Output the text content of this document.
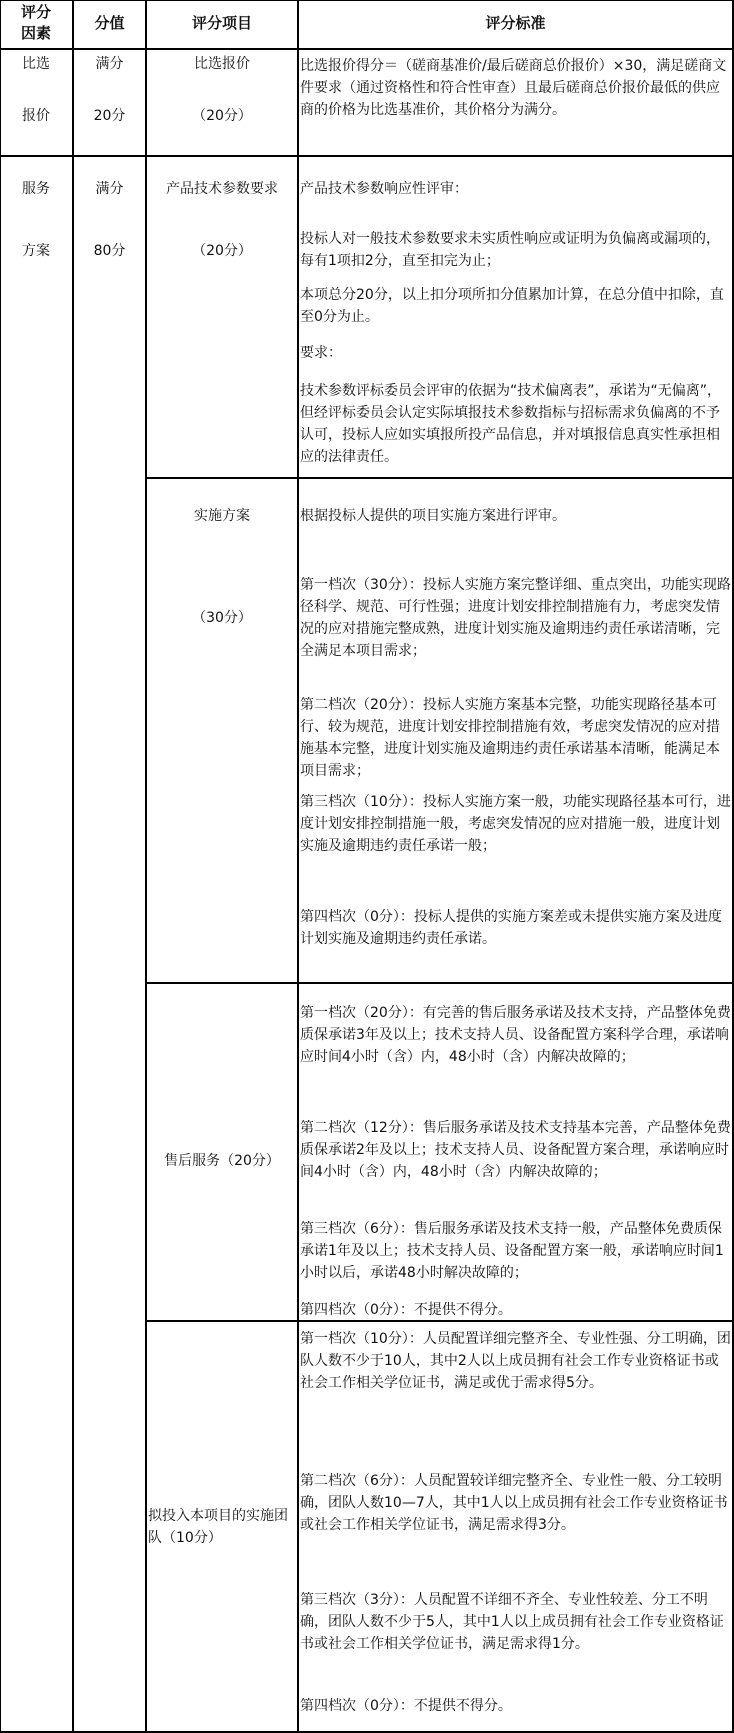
评分
因素
分值	评分项目	评分标准
比选
报价
满分
20分
比选报价
（20分）
比选报价得分＝（磋商基准价/最后磋商总价报价）×30，满足磋商文件要求（通过资格性和符合性审查）且最后磋商总价报价最低的供应商的价格为比选基准价，其价格分为满分。
服务
方案
满分
80分
产品技术参数要求
（20分）
产品技术参数响应性评审：
投标人对一般技术参数要求未实质性响应或证明为负偏离或漏项的，每有1项扣2分，直至扣完为止；
本项总分20分，以上扣分项所扣分值累加计算，在总分值中扣除，直至0分为止。
要求：
技术参数评标委员会评审的依据为“技术偏离表”，承诺为“无偏离”，但经评标委员会认定实际填报技术参数指标与招标需求负偏离的不予认可，投标人应如实填报所投产品信息，并对填报信息真实性承担相应的法律责任。
实施方案
（30分）
根据投标人提供的项目实施方案进行评审。
第一档次（30分）：投标人实施方案完整详细、重点突出，功能实现路径科学、规范、可行性强；进度计划安排控制措施有力，考虑突发情况的应对措施完整成熟，进度计划实施及逾期违约责任承诺清晰，完全满足本项目需求；
第二档次（20分）：投标人实施方案基本完整，功能实现路径基本可行、较为规范，进度计划安排控制措施有效，考虑突发情况的应对措施基本完整，进度计划实施及逾期违约责任承诺基本清晰，能满足本项目需求；
第三档次（10分）：投标人实施方案一般，功能实现路径基本可行，进度计划安排控制措施一般，考虑突发情况的应对措施一般，进度计划实施及逾期违约责任承诺一般；
第四档次（0分）：投标人提供的实施方案差或未提供实施方案及进度计划实施及逾期违约责任承诺。
售后服务（20分）
第一档次（20分）：有完善的售后服务承诺及技术支持，产品整体免费质保承诺3年及以上；技术支持人员、设备配置方案科学合理，承诺响应时间4小时（含）内，48小时（含）内解决故障的；
第二档次（12分）：售后服务承诺及技术支持基本完善，产品整体免费质保承诺2年及以上；技术支持人员、设备配置方案合理，承诺响应时间4小时（含）内，48小时（含）内解决故障的；
第三档次（6分）：售后服务承诺及技术支持一般，产品整体免费质保承诺1年及以上；技术支持人员、设备配置方案一般，承诺响应时间1小时以后，承诺48小时解决故障的；
第四档次（0分）：不提供不得分。
拟投入本项目的实施团队（10分）
第一档次（10分）：人员配置详细完整齐全、专业性强、分工明确，团队人数不少于10人，其中2人以上成员拥有社会工作专业资格证书或社会工作相关学位证书，满足或优于需求得5分。
第二档次（6分）：人员配置较详细完整齐全、专业性一般、分工较明确，团队人数10—7人，其中1人以上成员拥有社会工作专业资格证书或社会工作相关学位证书，满足需求得3分。
第三档次（3分）：人员配置不详细不齐全、专业性较差、分工不明确，团队人数不少于5人，其中1人以上成员拥有社会工作专业资格证书或社会工作相关学位证书，满足需求得1分。
第四档次（0分）：不提供不得分。
